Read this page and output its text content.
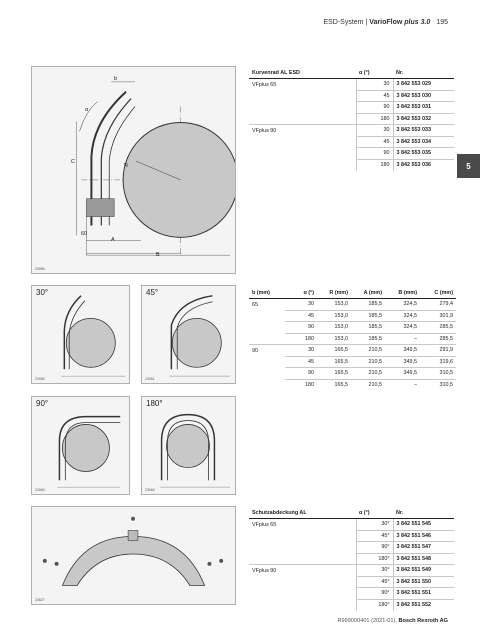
ESD-System | VarioFlow plus 3.0 195
5
b
α
C
R
60
A
B
23060
30°
23060
45°
23061
90°
23060
180°
23060
20827
Kurvenrad AL ESD	α (°)	Nr.
VFplus 65	30	3 842 553 029
	45	3 842 553 030
	90	3 842 553 031
	180	3 842 553 032
VFplus 90	30	3 842 553 033
	45	3 842 553 034
	90	3 842 553 035
	180	3 842 553 036
b (mm)	α (°)	R (mm)	A (mm)	B (mm)	C (mm)
65	30	153,0	185,5	324,5	279,4
	45	153,0	185,5	324,5	301,9
	90	153,0	185,5	324,5	285,5
	180	153,0	185,5	–	285,5
90	30	165,5	210,5	349,5	291,9
	45	165,5	210,5	349,5	319,6
	90	165,5	210,5	349,5	310,5
	180	165,5	210,5	–	310,5
Schutzabdeckung AL	α (°)	Nr.
VFplus 65	30°	3 842 551 545
	45°	3 842 551 546
	90°	3 842 551 547
	180°	3 842 551 548
VFplus 90	30°	3 842 551 549
	45°	3 842 551 550
	90°	3 842 551 551
	180°	3 842 551 552
R999000401 (2021-01), Bosch Rexroth AG
